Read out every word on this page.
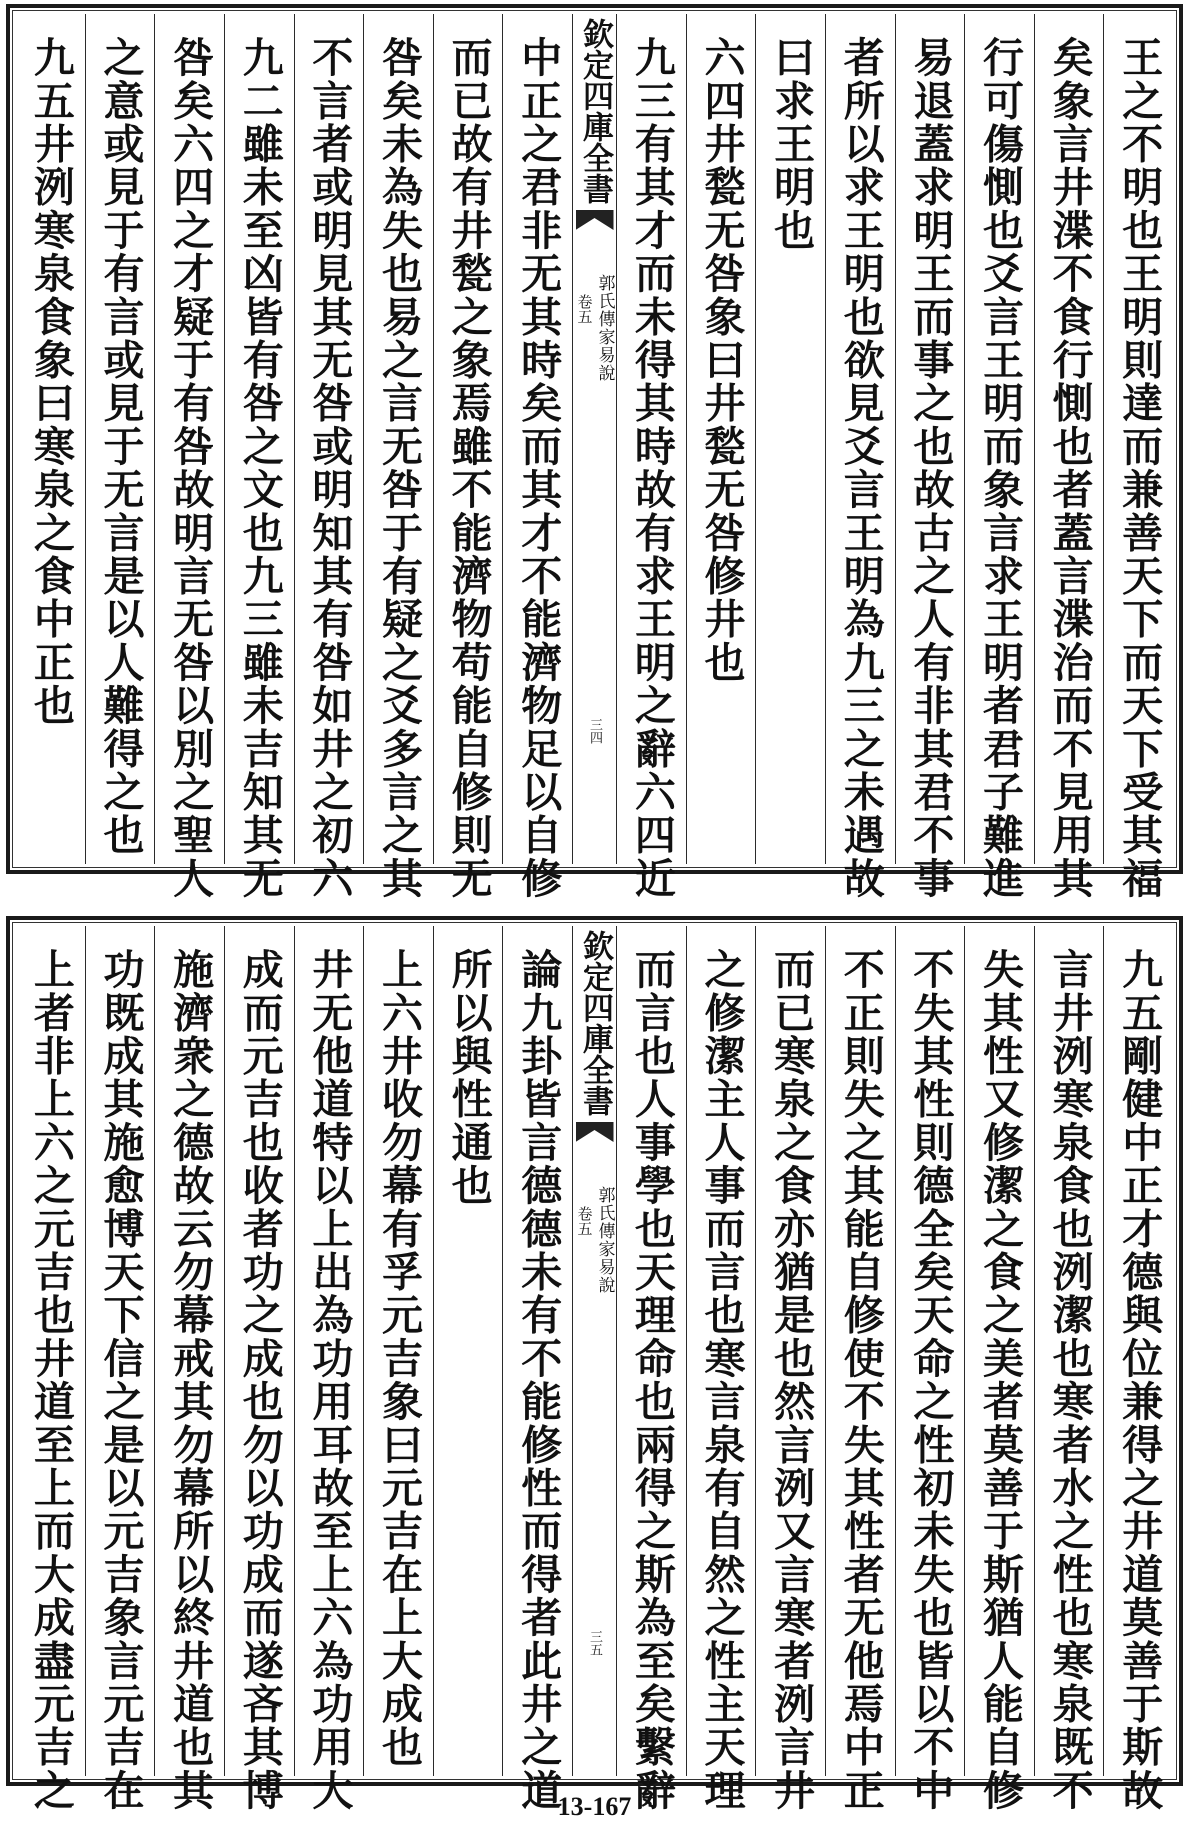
王之不明也王明則達而兼善天下而天下受其福
矣象言井渫不食行惻也者蓋言渫治而不見用其
行可傷惻也爻言王明而象言求王明者君子難進
易退蓋求明王而事之也故古之人有非其君不事
者所以求王明也欲見爻言王明為九三之未遇故
曰求王明也
六四井甃无咎象曰井甃无咎修井也
九三有其才而未得其時故有求王明之辭六四近
欽定四庫全書
郭氏傳家易說
卷五
三四
中正之君非无其時矣而其才不能濟物足以自修
而已故有井甃之象焉雖不能濟物苟能自修則无
咎矣未為失也易之言无咎于有疑之爻多言之其
不言者或明見其无咎或明知其有咎如井之初六
九二雖未至凶皆有咎之文也九三雖未吉知其无
咎矣六四之才疑于有咎故明言无咎以別之聖人
之意或見于有言或見于无言是以人難得之也
九五井洌寒泉食象曰寒泉之食中正也
九五剛健中正才德與位兼得之井道莫善于斯故
言井洌寒泉食也洌潔也寒者水之性也寒泉既不
失其性又修潔之食之美者莫善于斯猶人能自修
不失其性則德全矣天命之性初未失也皆以不中
不正則失之其能自修使不失其性者无他焉中正
而已寒泉之食亦猶是也然言洌又言寒者洌言井
之修潔主人事而言也寒言泉有自然之性主天理
而言也人事學也天理命也兩得之斯為至矣繫辭
欽定四庫全書
郭氏傳家易說
卷五
三五
論九卦皆言德德未有不能修性而得者此井之道
所以與性通也
上六井收勿幕有孚元吉象曰元吉在上大成也
井无他道特以上出為功用耳故至上六為功用大
成而元吉也收者功之成也勿以功成而遂吝其博
施濟衆之德故云勿幕戒其勿幕所以終井道也其
功既成其施愈博天下信之是以元吉象言元吉在
上者非上六之元吉也井道至上而大成盡元吉之	13-167
